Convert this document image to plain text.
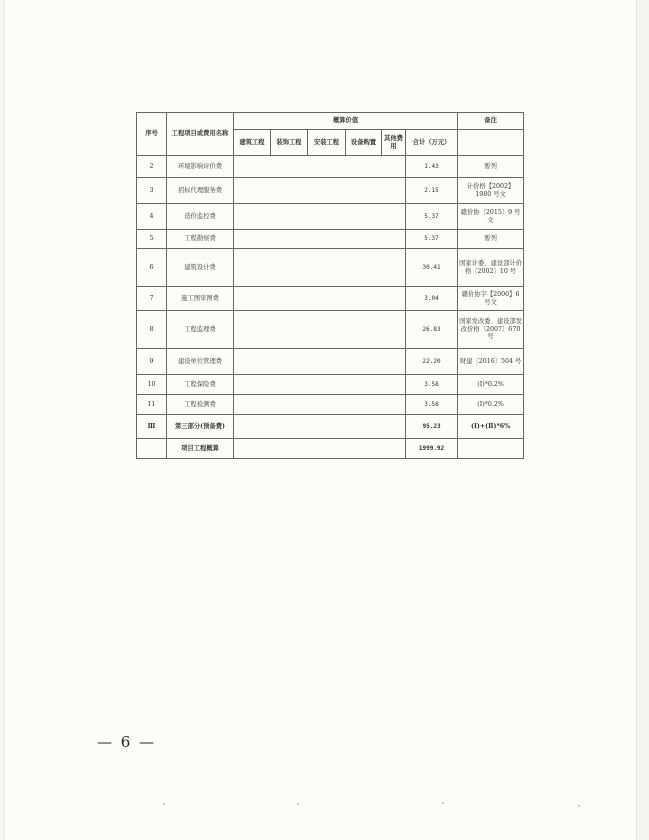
序号	工程项目或费用名称	概算价值						备注
		建筑工程	装饰工程	安装工程	设备购置	其他费用	合计（万元）	
2	环境影响评价费						1.43	暂列
3	招标代理服务费						2.15	计价格【2002】1980 号文
4	造价监控费						5.37	赣价协〔2015〕9 号文
5	工程勘察费						5.37	暂列
6	建筑设计费						30.41	国家计委、建设部计价格〔2002〕10 号
7	施工图审图费						3.04	赣价协字【2000】6 号文
8	工程监理费						26.83	国家发改委、建设部发改价格〔2007〕670 号
9	建设单位管理费						22.20	财建〔2016〕504 号
10	工程保险费						3.58	(Ⅰ)*0.2%
11	工程检测费						3.58	(Ⅰ)*0.2%
Ⅲ	第三部分(预备费)						95.23	(Ⅰ)+(Ⅱ)*6%
	项目工程概算						1999.92	
— 6 —
